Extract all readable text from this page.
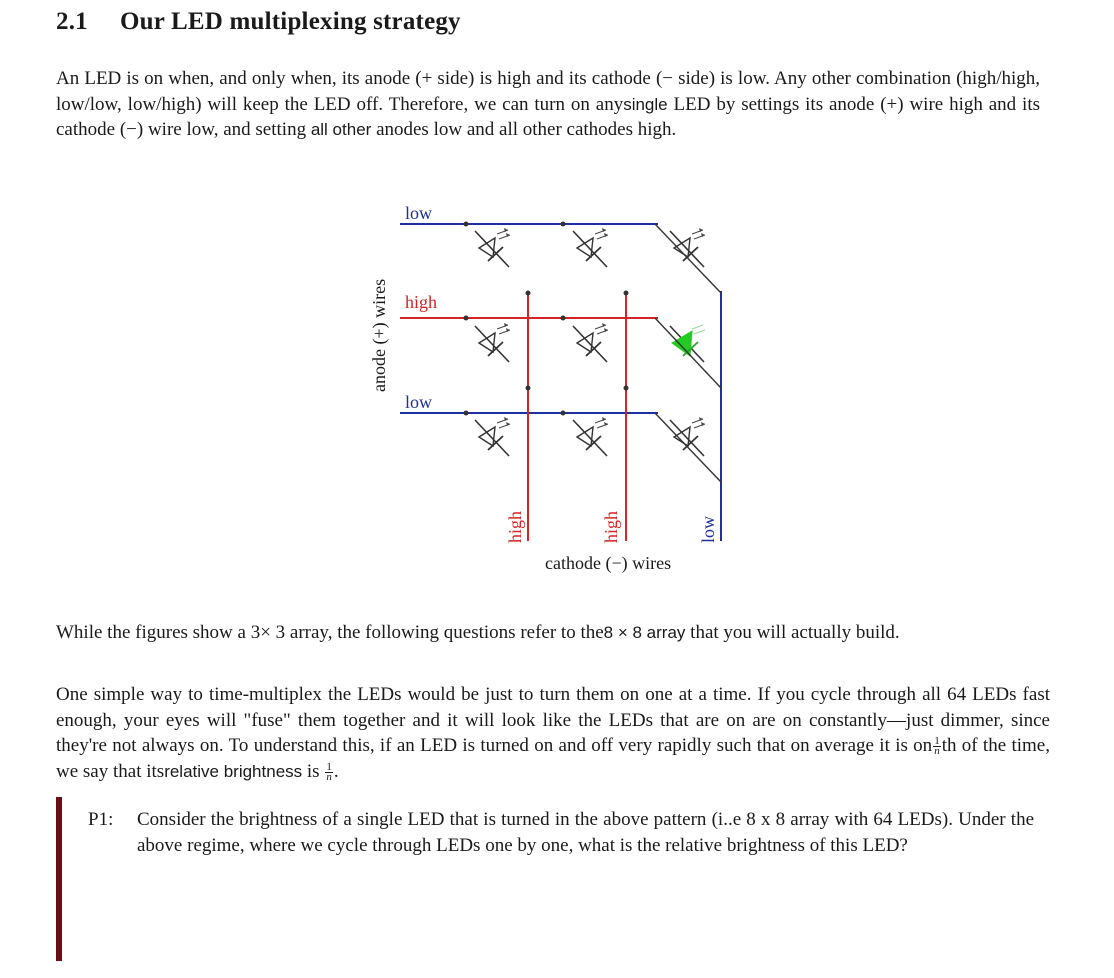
2.1 Our LED multiplexing strategy

An LED is on when, and only when, its anode (+ side) is high and its cathode (− side) is low. Any other combination (high/high, low/low, low/high) will keep the LED off. Therefore, we can turn on anysingle LED by settings its anode (+) wire high and its cathode (−) wire low, and setting all other anodes low and all other cathodes high.

low
high
low
high	high	low
anode (+) wires
cathode (−) wires

While the figures show a 3× 3 array, the following questions refer to the8 × 8 array that you will actually build.

One simple way to time-multiplex the LEDs would be just to turn them on one at a time. If you cycle through all 64 LEDs fast enough, your eyes will "fuse" them together and it will look like the LEDs that are on are on constantly—just dimmer, since they're not always on. To understand this, if an LED is turned on and off very rapidly such that on average it is on $\frac{1}{n}$ th of the time, we say that itsrelative brightness is $\frac{1}{n}$ .

P1: Consider the brightness of a single LED that is turned in the above pattern (i..e 8 x 8 array with 64 LEDs). Under the above regime, where we cycle through LEDs one by one, what is the relative brightness of this LED?
